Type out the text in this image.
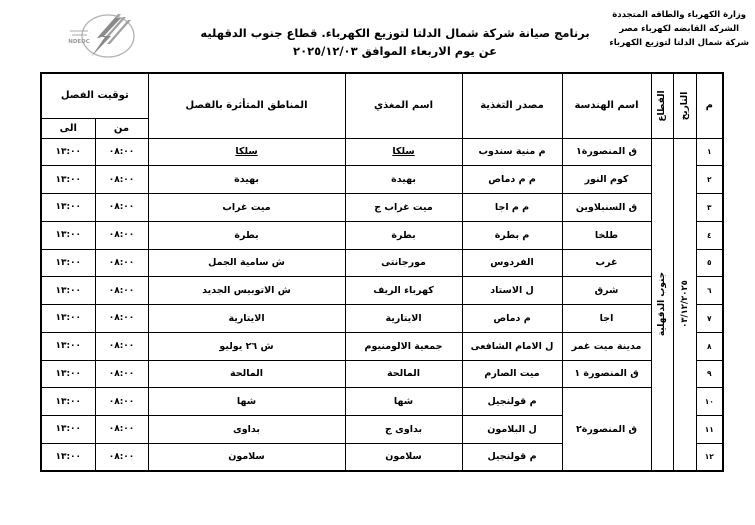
وزارة الكهرباء والطاقه المتجددة
الشركه القابضه لكهرباء مصر
شركة شمال الدلتا لتوزيع الكهرباء
NDEDC
برنامج صيانة شركة شمال الدلتا لتوزيع الكهرباء. قطاع جنوب الدقهليه
عن يوم الاربعاء الموافق ٢٠٢٥/١٢/٠٣
م	التاريخ	القطاع	اسم الهندسة	مصدر التغذية	اسم المغذي	المناطق المتأثرة بالفصل	توقيت الفصل	
							من	الى
١	٠٣/١٢/٢٠٢٥	جنوب الدقهلية	ق المنصورة١	م منية سندوب	سلكا	سلكا	٠٨:٠٠	١٣:٠٠
٢			كوم النور	م م دماص	بهيدة	بهيدة	٠٨:٠٠	١٣:٠٠
٣			ق السنبلاوين	م م اجا	ميت غراب ج	ميت غراب	٠٨:٠٠	١٣:٠٠
٤			طلخا	م بطرة	بطرة	بطرة	٠٨:٠٠	١٣:٠٠
٥			غرب	الفردوس	مورجانتى	ش سامية الجمل	٠٨:٠٠	١٣:٠٠
٦			شرق	ل الاستاد	كهرباء الريف	ش الاتوبيس الجديد	٠٨:٠٠	١٣:٠٠
٧			اجا	م دماص	الايتارية	الايتارية	٠٨:٠٠	١٣:٠٠
٨			مدينة ميت غمر	ل الامام الشافعى	جمعية الالومنيوم	ش ٢٦ يوليو	٠٨:٠٠	١٣:٠٠
٩			ق المنصورة ١	ميت الصارم	المالحة	المالحة	٠٨:٠٠	١٣:٠٠
١٠			ق المنصورة٢	م قولنجيل	شها	شها	٠٨:٠٠	١٣:٠٠
١١				ل البلامون	بداوى ج	بداوى	٠٨:٠٠	١٣:٠٠
١٢				م قولنجيل	سلامون	سلامون	٠٨:٠٠	١٣:٠٠
